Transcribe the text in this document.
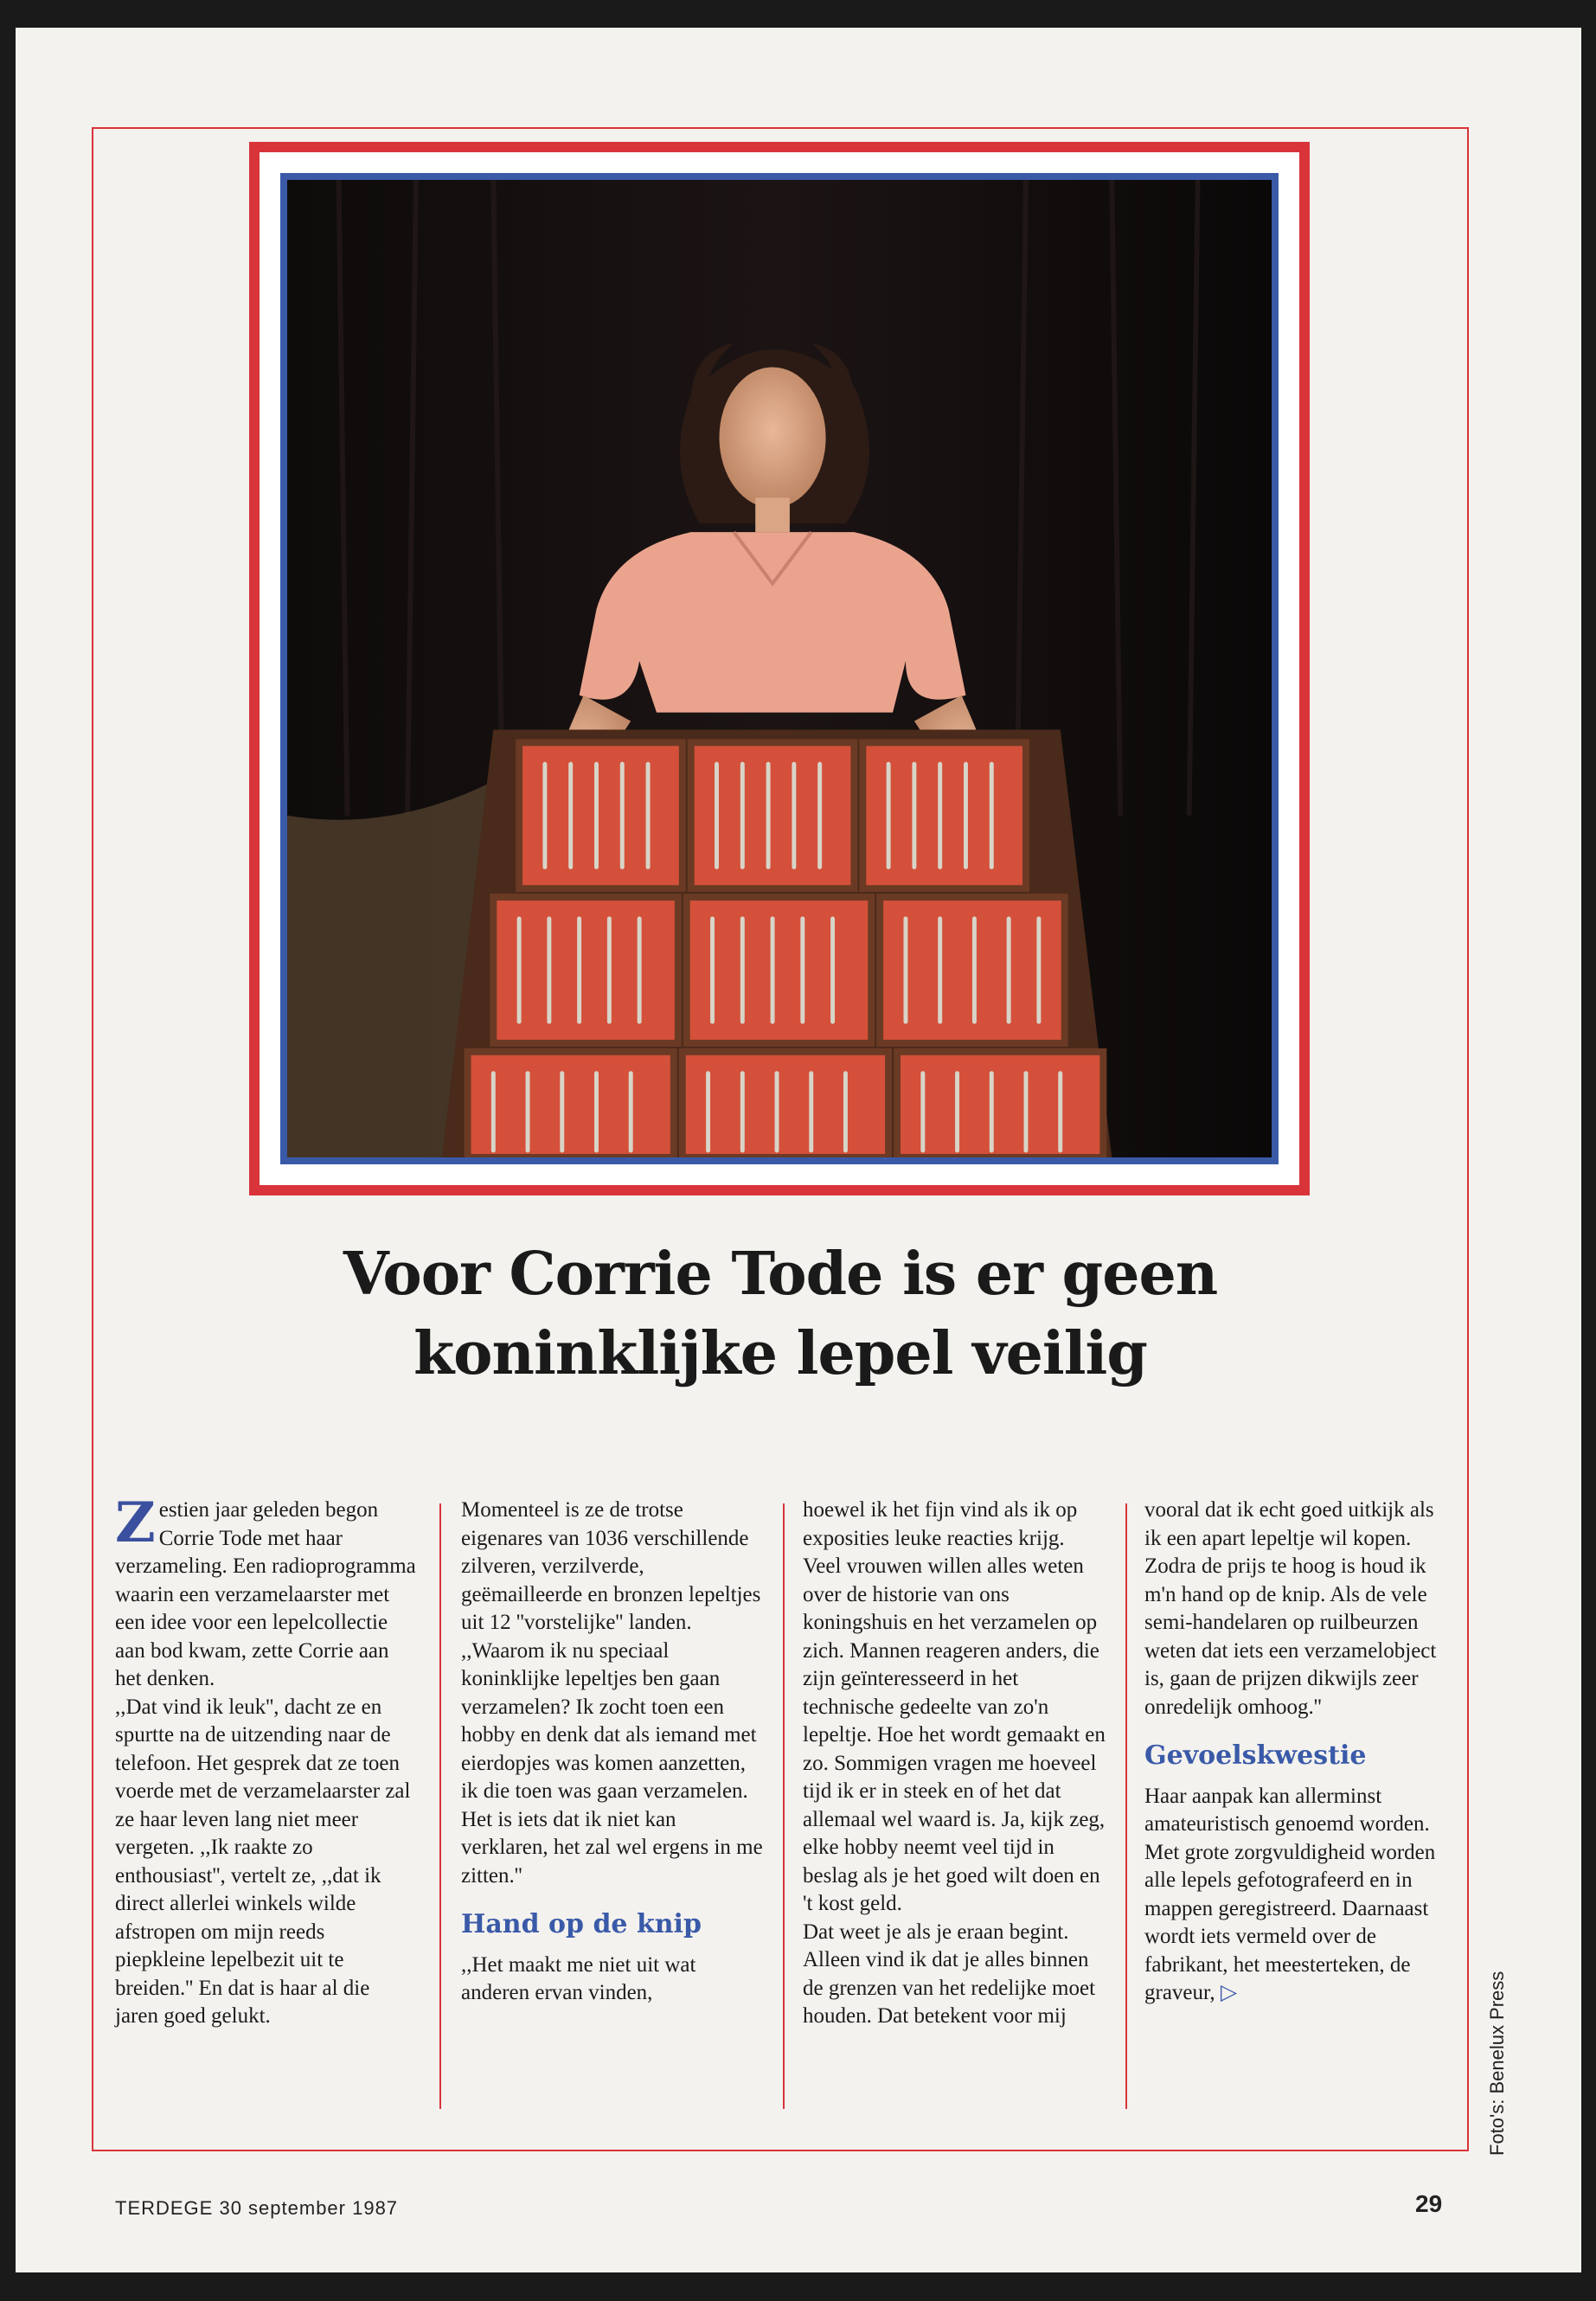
Voor Corrie Tode is er geen
koninklijke lepel veilig
Z estien jaar geleden begon Corrie Tode met haar verzameling. Een radioprogramma waarin een verzamelaarster met een idee voor een lepelcollectie aan bod kwam, zette Corrie aan het denken.

,,Dat vind ik leuk'', dacht ze en spurtte na de uitzending naar de telefoon. Het gesprek dat ze toen voerde met de verzamelaarster zal ze haar leven lang niet meer vergeten. ,,Ik raakte zo enthousiast'', vertelt ze, ,,dat ik direct allerlei winkels wilde afstropen om mijn reeds piepkleine lepelbezit uit te breiden.'' En dat is haar al die jaren goed gelukt.

Momenteel is ze de trotse eigenares van 1036 verschillende zilveren, verzilverde, geëmailleerde en bronzen lepeltjes uit 12 ''vorstelijke'' landen.

,,Waarom ik nu speciaal koninklijke lepeltjes ben gaan verzamelen? Ik zocht toen een hobby en denk dat als iemand met eierdopjes was komen aanzetten, ik die toen was gaan verzamelen. Het is iets dat ik niet kan verklaren, het zal wel ergens in me zitten.''

Hand op de knip

,,Het maakt me niet uit wat anderen ervan vinden,

hoewel ik het fijn vind als ik op exposities leuke reacties krijg. Veel vrouwen willen alles weten over de historie van ons koningshuis en het verzamelen op zich. Mannen reageren anders, die zijn geïnteresseerd in het technische gedeelte van zo'n lepeltje. Hoe het wordt gemaakt en zo. Sommigen vragen me hoeveel tijd ik er in steek en of het dat allemaal wel waard is. Ja, kijk zeg, elke hobby neemt veel tijd in beslag als je het goed wilt doen en 't kost geld.

Dat weet je als je eraan begint. Alleen vind ik dat je alles binnen de grenzen van het redelijke moet houden. Dat betekent voor mij

vooral dat ik echt goed uitkijk als ik een apart lepeltje wil kopen. Zodra de prijs te hoog is houd ik m'n hand op de knip. Als de vele semi-handelaren op ruilbeurzen weten dat iets een verzamelobject is, gaan de prijzen dikwijls zeer onredelijk omhoog.''

Gevoelskwestie

Haar aanpak kan allerminst amateuristisch genoemd worden. Met grote zorgvuldigheid worden alle lepels gefotografeerd en in mappen geregistreerd. Daarnaast wordt iets vermeld over de fabrikant, het meesterteken, de graveur, ▷	Foto's: Benelux Press
TERDEGE 30 september 1987	29
